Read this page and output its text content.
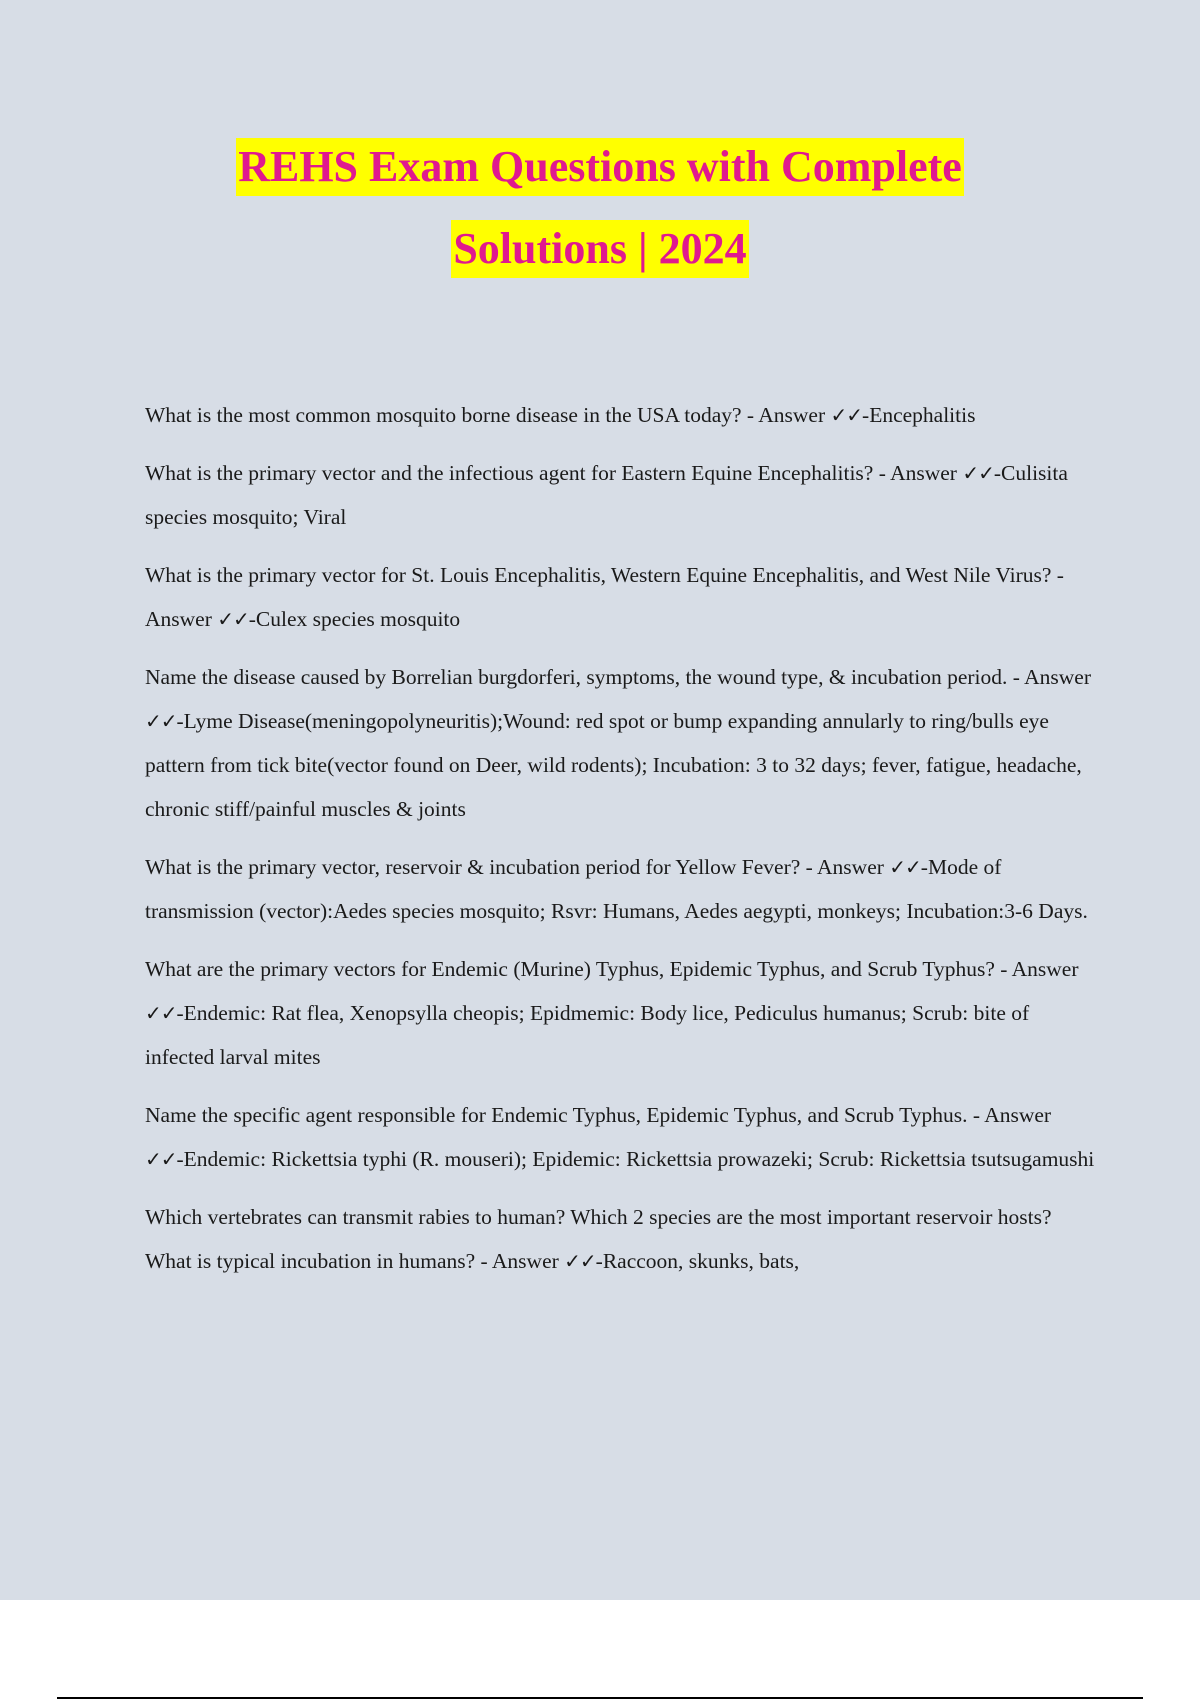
REHS Exam Questions with Complete
Solutions | 2024

What is the most common mosquito borne disease in the USA today? - Answer ✓✓-Encephalitis

What is the primary vector and the infectious agent for Eastern Equine Encephalitis? - Answer ✓✓-Culisita species mosquito; Viral

What is the primary vector for St. Louis Encephalitis, Western Equine Encephalitis, and West Nile Virus? - Answer ✓✓-Culex species mosquito

Name the disease caused by Borrelian burgdorferi, symptoms, the wound type, & incubation period. - Answer ✓✓-Lyme Disease(meningopolyneuritis);Wound: red spot or bump expanding annularly to ring/bulls eye pattern from tick bite(vector found on Deer, wild rodents); Incubation: 3 to 32 days; fever, fatigue, headache, chronic stiff/painful muscles & joints

What is the primary vector, reservoir & incubation period for Yellow Fever? - Answer ✓✓-Mode of transmission (vector):Aedes species mosquito; Rsvr: Humans, Aedes aegypti, monkeys; Incubation:3-6 Days.

What are the primary vectors for Endemic (Murine) Typhus, Epidemic Typhus, and Scrub Typhus? - Answer ✓✓-Endemic: Rat flea, Xenopsylla cheopis; Epidmemic: Body lice, Pediculus humanus; Scrub: bite of infected larval mites

Name the specific agent responsible for Endemic Typhus, Epidemic Typhus, and Scrub Typhus. - Answer ✓✓-Endemic: Rickettsia typhi (R. mouseri); Epidemic: Rickettsia prowazeki; Scrub: Rickettsia tsutsugamushi

Which vertebrates can transmit rabies to human? Which 2 species are the most important reservoir hosts? What is typical incubation in humans? - Answer ✓✓-Raccoon, skunks, bats,
